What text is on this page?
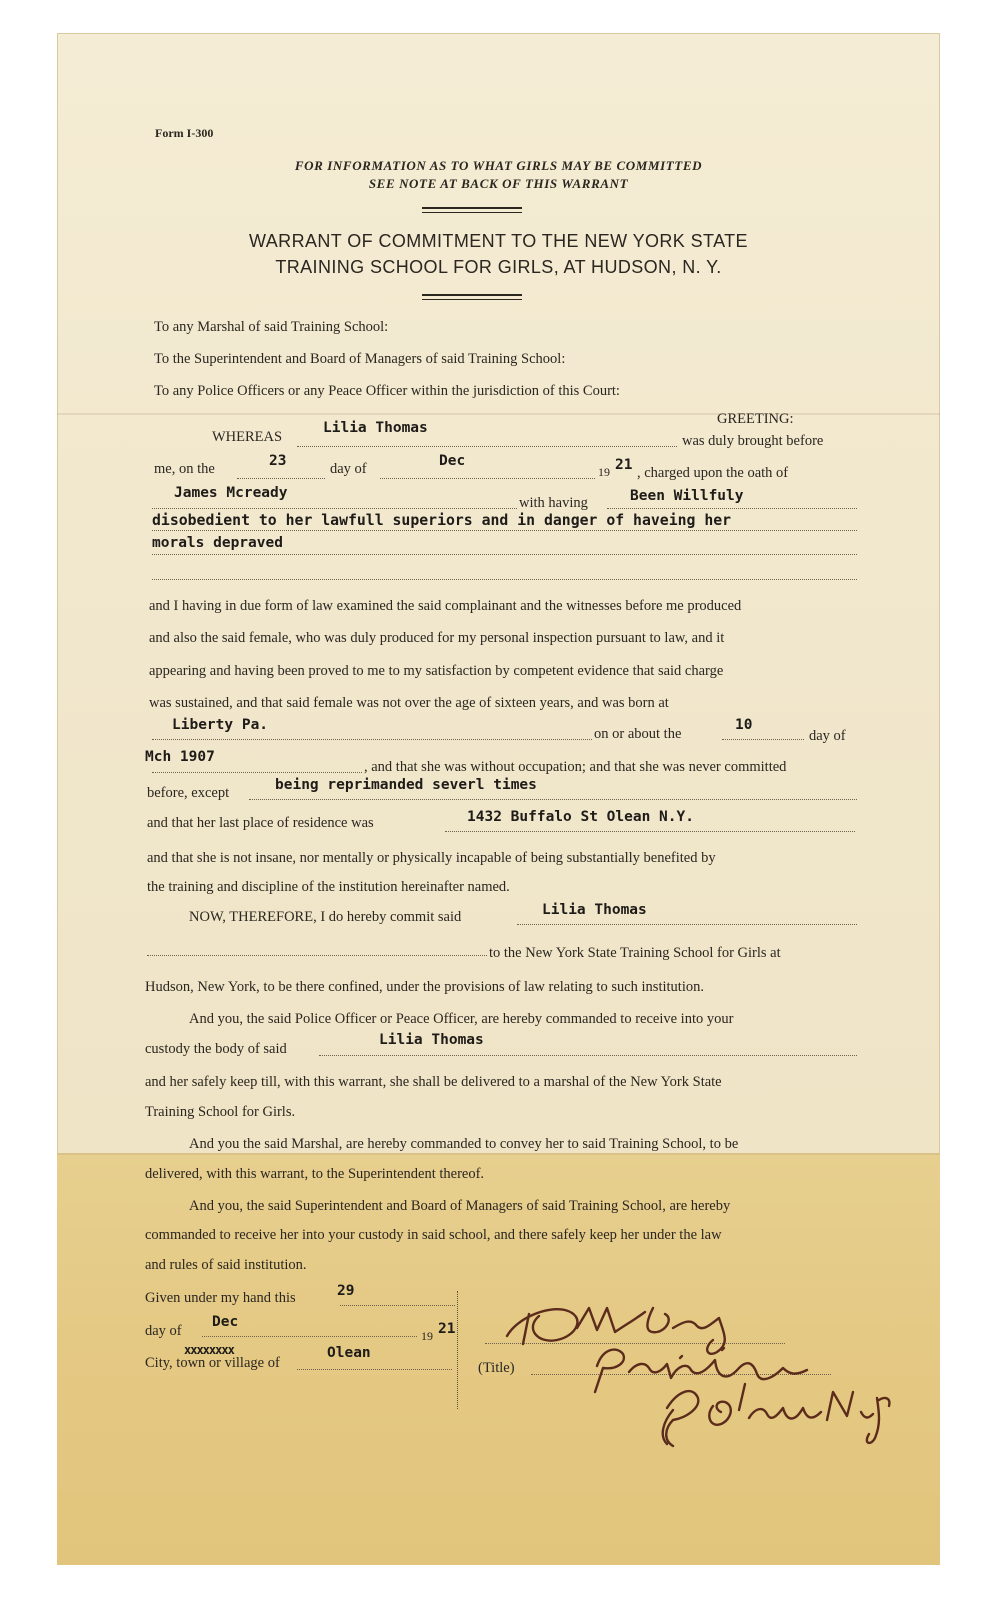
Form I-300
FOR INFORMATION AS TO WHAT GIRLS MAY BE COMMITTED
SEE NOTE AT BACK OF THIS WARRANT
WARRANT OF COMMITMENT TO THE NEW YORK STATE
TRAINING SCHOOL FOR GIRLS, AT HUDSON, N. Y.
To any Marshal of said Training School:
To the Superintendent and Board of Managers of said Training School:
To any Police Officers or any Peace Officer within the jurisdiction of this Court:
GREETING:
WHEREAS
Lilia Thomas
was duly brought before
me, on the	23	day of	Dec
19 21 , charged upon the oath of
James Mcready
with having	Been Willfuly
disobedient to her lawfull superiors and in danger of haveing her
morals depraved
and I having in due form of law examined the said complainant and the witnesses before me produced
and also the said female, who was duly produced for my personal inspection pursuant to law, and it
appearing and having been proved to me to my satisfaction by competent evidence that said charge
was sustained, and that said female was not over the age of sixteen years, and was born at
Liberty Pa.
on or about the
10
day of
Mch 1907
, and that she was without occupation; and that she was never committed
before, except	being reprimanded severl times
and that her last place of residence was	1432 Buffalo St Olean N.Y.
and that she is not insane, nor mentally or physically incapable of being substantially benefited by
the training and discipline of the institution hereinafter named.
NOW, THEREFORE, I do hereby commit said	Lilia Thomas
to the New York State Training School for Girls at
Hudson, New York, to be there confined, under the provisions of law relating to such institution.
And you, the said Police Officer or Peace Officer, are hereby commanded to receive into your
custody the body of said
Lilia Thomas
and her safely keep till, with this warrant, she shall be delivered to a marshal of the New York State
Training School for Girls.
And you the said Marshal, are hereby commanded to convey her to said Training School, to be
delivered, with this warrant, to the Superintendent thereof.
And you, the said Superintendent and Board of Managers of said Training School, are hereby
commanded to receive her into your custody in said school, and there safely keep her under the law
and rules of said institution.
Given under my hand this	29
day of
Dec
19 21
City, town or village of
xxxxxxxx	Olean
(Title)
